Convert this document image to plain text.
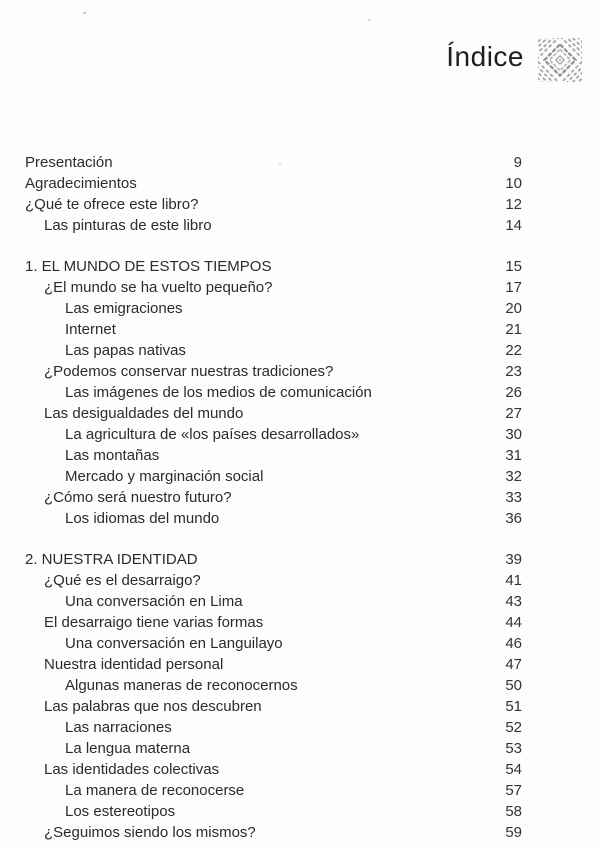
Índice
Presentación	9
Agradecimientos	10
¿Qué te ofrece este libro?	12
Las pinturas de este libro	14
1. EL MUNDO DE ESTOS TIEMPOS	15
¿El mundo se ha vuelto pequeño?	17
Las emigraciones	20
Internet	21
Las papas nativas	22
¿Podemos conservar nuestras tradiciones?	23
Las imágenes de los medios de comunicación	26
Las desigualdades del mundo	27
La agricultura de «los países desarrollados»	30
Las montañas	31
Mercado y marginación social	32
¿Cómo será nuestro futuro?	33
Los idiomas del mundo	36
2. NUESTRA IDENTIDAD	39
¿Qué es el desarraigo?	41
Una conversación en Lima	43
El desarraigo tiene varias formas	44
Una conversación en Languilayo	46
Nuestra identidad personal	47
Algunas maneras de reconocernos	50
Las palabras que nos descubren	51
Las narraciones	52
La lengua materna	53
Las identidades colectivas	54
La manera de reconocerse	57
Los estereotipos	58
¿Seguimos siendo los mismos?	59
